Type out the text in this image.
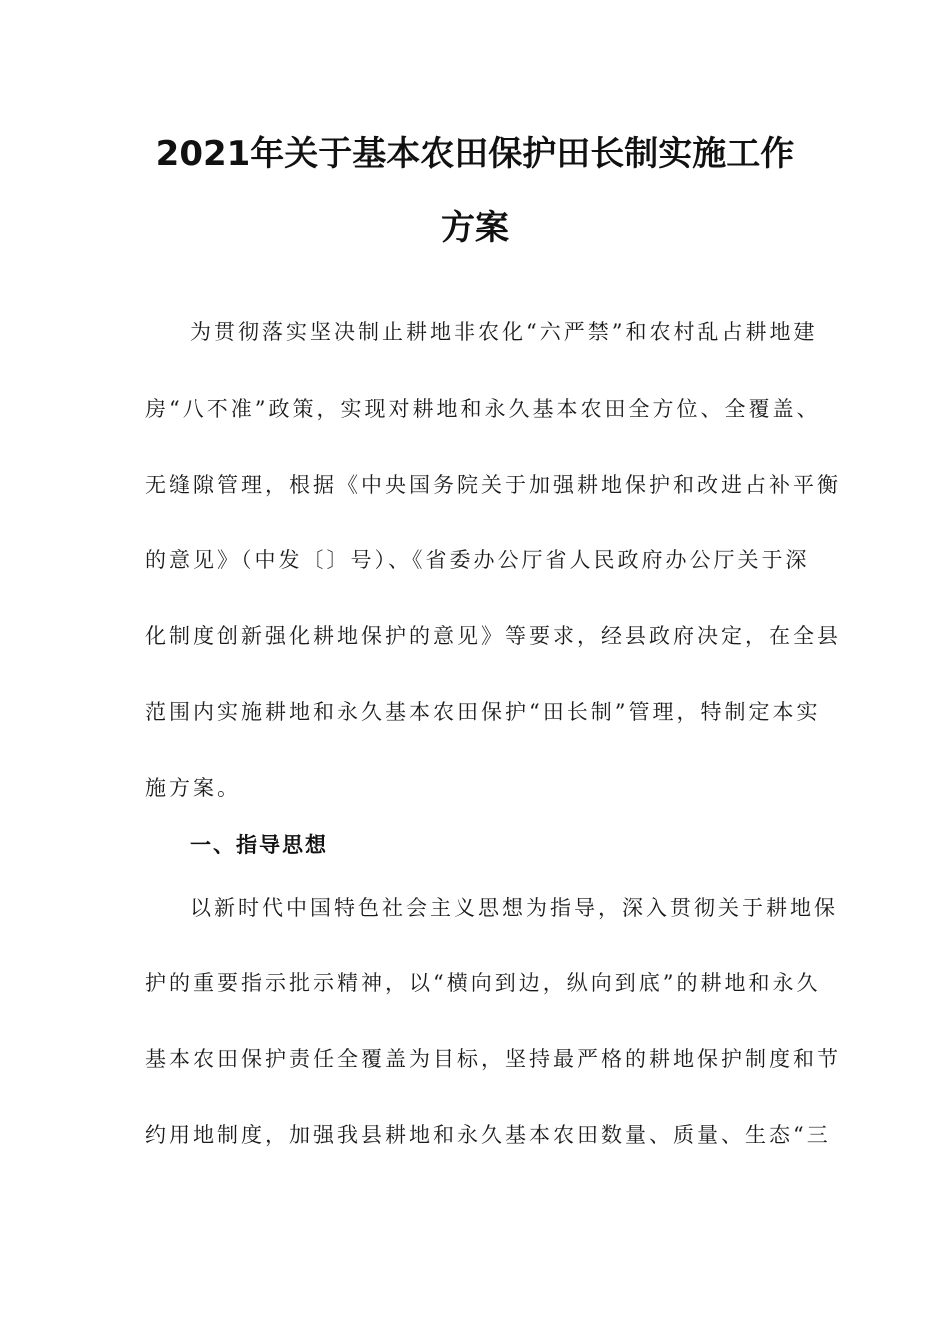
2021年关于基本农田保护田长制实施工作
方案
为贯彻落实坚决制止耕地非农化“六严禁”和农村乱占耕地建
房“八不准”政策，实现对耕地和永久基本农田全方位、全覆盖、
无缝隙管理，根据《中央国务院关于加强耕地保护和改进占补平衡
的意见》（中发〔〕号）、《省委办公厅省人民政府办公厅关于深
化制度创新强化耕地保护的意见》等要求，经县政府决定，在全县
范围内实施耕地和永久基本农田保护“田长制”管理，特制定本实
施方案。
一、指导思想
以新时代中国特色社会主义思想为指导，深入贯彻关于耕地保
护的重要指示批示精神，以“横向到边，纵向到底”的耕地和永久
基本农田保护责任全覆盖为目标，坚持最严格的耕地保护制度和节
约用地制度，加强我县耕地和永久基本农田数量、质量、生态“三
